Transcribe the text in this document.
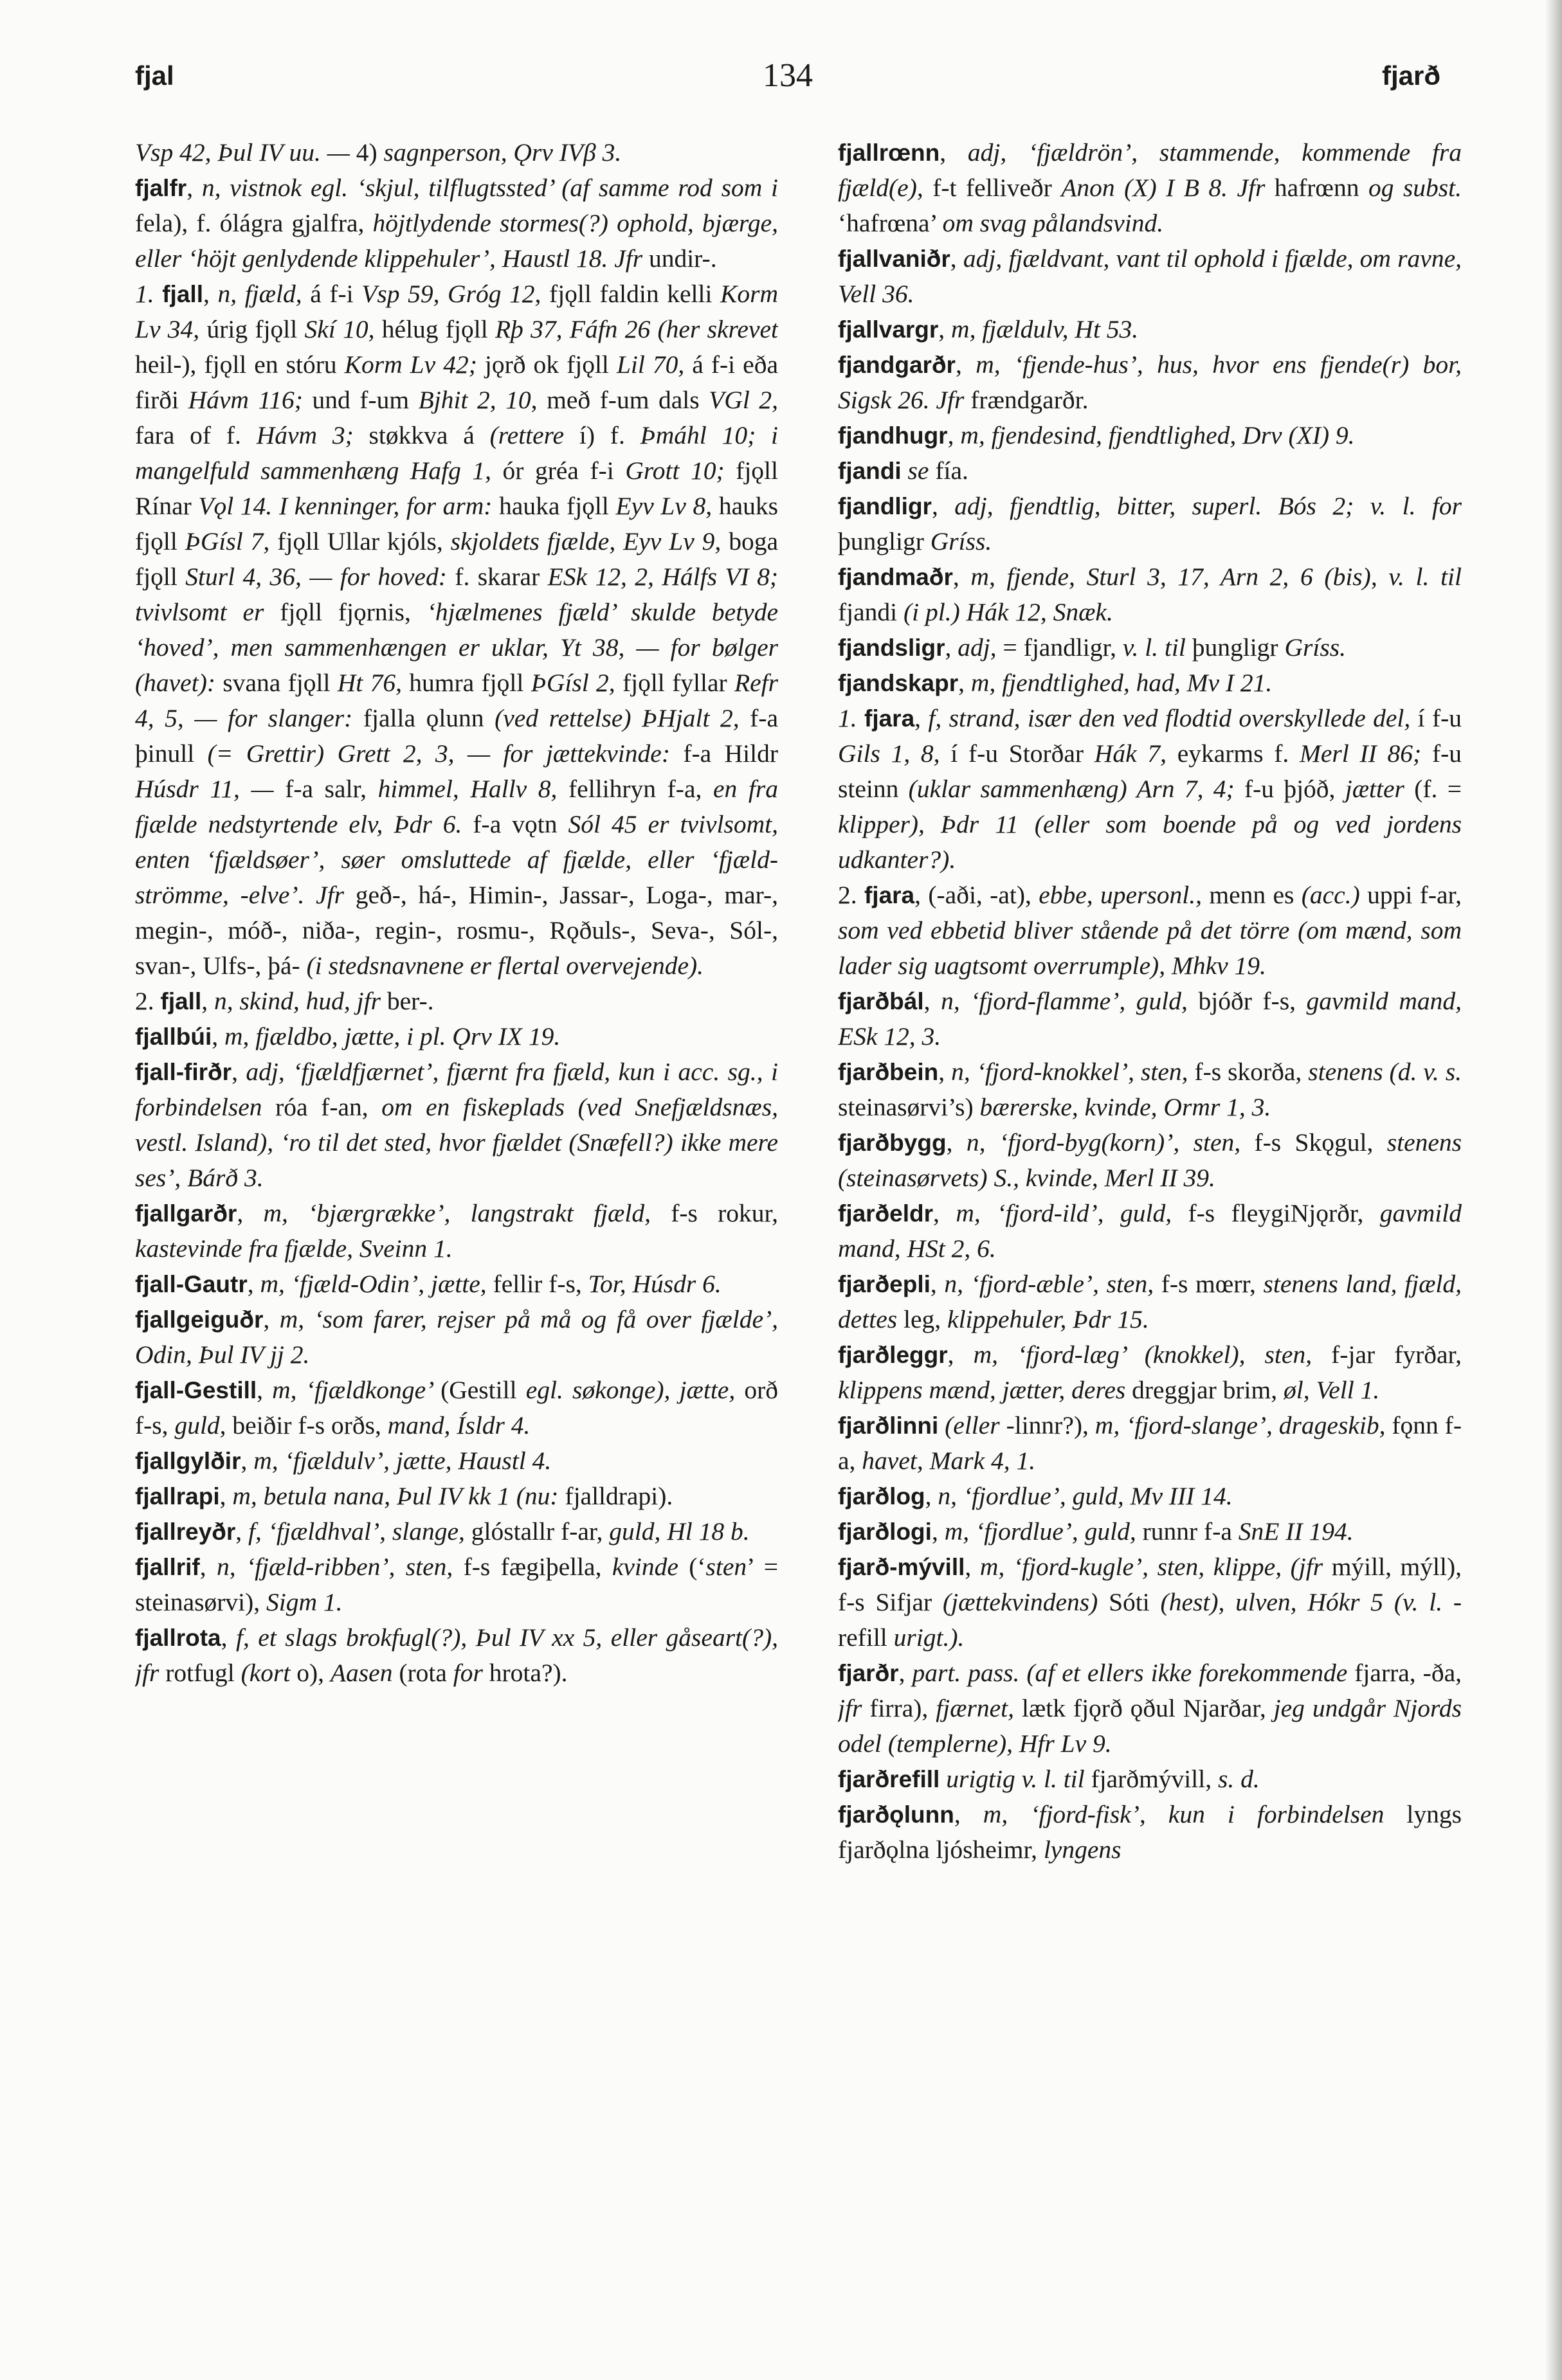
fjal	134	fjarð

Vsp 42, Þul IV uu. — 4) sagnperson, Ǫrv IVβ 3.

fjalfr, n, vistnok egl. ‘skjul, tilflugtssted’ (af samme rod som i fela), f. ólágra gjalfra, höjtlydende stormes(?) ophold, bjærge, eller ‘höjt genlydende klippehuler’, Haustl 18. Jfr undir-.

1. fjall, n, fjæld, á f-i Vsp 59, Gróg 12, fjǫll faldin kelli Korm Lv 34, úrig fjǫll Skí 10, hélug fjǫll Rþ 37, Fáfn 26 (her skrevet heil-), fjǫll en stóru Korm Lv 42; jǫrð ok fjǫll Lil 70, á f-i eða firði Hávm 116; und f-um Bjhit 2, 10, með f-um dals VGl 2, fara of f. Hávm 3; støkkva á (rettere í) f. Þmáhl 10; i mangelfuld sammenhæng Hafg 1, ór gréa f-i Grott 10; fjǫll Rínar Vǫl 14. I kenninger, for arm: hauka fjǫll Eyv Lv 8, hauks fjǫll ÞGísl 7, fjǫll Ullar kjóls, skjoldets fjælde, Eyv Lv 9, boga fjǫll Sturl 4, 36, — for hoved: f. skarar ESk 12, 2, Hálfs VI 8; tvivlsomt er fjǫll fjǫrnis, ‘hjælmenes fjæld’ skulde betyde ‘hoved’, men sammenhængen er uklar, Yt 38, — for bølger (havet): svana fjǫll Ht 76, humra fjǫll ÞGísl 2, fjǫll fyllar Refr 4, 5, — for slanger: fjalla ǫlunn (ved rettelse) ÞHjalt 2, f-a þinull (= Grettir) Grett 2, 3, — for jættekvinde: f-a Hildr Húsdr 11, — f-a salr, himmel, Hallv 8, fellihryn f-a, en fra fjælde nedstyrtende elv, Þdr 6. f-a vǫtn Sól 45 er tvivlsomt, enten ‘fjældsøer’, søer omsluttede af fjælde, eller ‘fjæld-strömme, -elve’. Jfr geð-, há-, Himin-, Jassar-, Loga-, mar-, megin-, móð-, niða-, regin-, rosmu-, Rǫðuls-, Seva-, Sól-, svan-, Ulfs-, þá- (i stedsnavnene er flertal overvejende).

2. fjall, n, skind, hud, jfr ber-.

fjallbúi, m, fjældbo, jætte, i pl. Ǫrv IX 19.

fjall-firðr, adj, ‘fjældfjærnet’, fjærnt fra fjæld, kun i acc. sg., i forbindelsen róa f-an, om en fiskeplads (ved Snefjældsnæs, vestl. Island), ‘ro til det sted, hvor fjældet (Snæfell?) ikke mere ses’, Bárð 3.

fjallgarðr, m, ‘bjærgrække’, langstrakt fjæld, f-s rokur, kastevinde fra fjælde, Sveinn 1.

fjall-Gautr, m, ‘fjæld-Odin’, jætte, fellir f-s, Tor, Húsdr 6.

fjallgeiguðr, m, ‘som farer, rejser på må og få over fjælde’, Odin, Þul IV jj 2.

fjall-Gestill, m, ‘fjældkonge’ (Gestill egl. søkonge), jætte, orð f-s, guld, beiðir f-s orðs, mand, Ísldr 4.

fjallgylðir, m, ‘fjældulv’, jætte, Haustl 4.

fjallrapi, m, betula nana, Þul IV kk 1 (nu: fjalldrapi).

fjallreyðr, f, ‘fjældhval’, slange, glóstallr f-ar, guld, Hl 18 b.

fjallrif, n, ‘fjæld-ribben’, sten, f-s fægiþella, kvinde (‘sten’ = steinasørvi), Sigm 1.

fjallrota, f, et slags brokfugl(?), Þul IV xx 5, eller gåseart(?), jfr rotfugl (kort o), Aasen (rota for hrota?).

fjallrœnn, adj, ‘fjældrön’, stammende, kommende fra fjæld(e), f-t felliveðr Anon (X) I B 8. Jfr hafrœnn og subst. ‘hafrœna’ om svag pålandsvind.

fjallvaniðr, adj, fjældvant, vant til ophold i fjælde, om ravne, Vell 36.

fjallvargr, m, fjældulv, Ht 53.

fjandgarðr, m, ‘fjende-hus’, hus, hvor ens fjende(r) bor, Sigsk 26. Jfr frændgarðr.

fjandhugr, m, fjendesind, fjendtlighed, Drv (XI) 9.

fjandi se fía.

fjandligr, adj, fjendtlig, bitter, superl. Bós 2; v. l. for þungligr Gríss.

fjandmaðr, m, fjende, Sturl 3, 17, Arn 2, 6 (bis), v. l. til fjandi (i pl.) Hák 12, Snæk.

fjandsligr, adj, = fjandligr, v. l. til þungligr Gríss.

fjandskapr, m, fjendtlighed, had, Mv I 21.

1. fjara, f, strand, især den ved flodtid overskyllede del, í f-u Gils 1, 8, í f-u Storðar Hák 7, eykarms f. Merl II 86; f-u steinn (uklar sammenhæng) Arn 7, 4; f-u þjóð, jætter (f. = klipper), Þdr 11 (eller som boende på og ved jordens udkanter?).

2. fjara, (-aði, -at), ebbe, upersonl., menn es (acc.) uppi f-ar, som ved ebbetid bliver stående på det törre (om mænd, som lader sig uagtsomt overrumple), Mhkv 19.

fjarðbál, n, ‘fjord-flamme’, guld, bjóðr f-s, gavmild mand, ESk 12, 3.

fjarðbein, n, ‘fjord-knokkel’, sten, f-s skorða, stenens (d. v. s. steinasørvi’s) bærerske, kvinde, Ormr 1, 3.

fjarðbygg, n, ‘fjord-byg(korn)’, sten, f-s Skǫgul, stenens (steinasørvets) S., kvinde, Merl II 39.

fjarðeldr, m, ‘fjord-ild’, guld, f-s fleygiNjǫrðr, gavmild mand, HSt 2, 6.

fjarðepli, n, ‘fjord-æble’, sten, f-s mœrr, stenens land, fjæld, dettes leg, klippehuler, Þdr 15.

fjarðleggr, m, ‘fjord-læg’ (knokkel), sten, f-jar fyrðar, klippens mænd, jætter, deres dreggjar brim, øl, Vell 1.

fjarðlinni (eller -linnr?), m, ‘fjord-slange’, drageskib, fǫnn f-a, havet, Mark 4, 1.

fjarðlog, n, ‘fjordlue’, guld, Mv III 14.

fjarðlogi, m, ‘fjordlue’, guld, runnr f-a SnE II 194.

fjarð-mývill, m, ‘fjord-kugle’, sten, klippe, (jfr mýill, mýll), f-s Sifjar (jættekvindens) Sóti (hest), ulven, Hókr 5 (v. l. -refill urigt.).

fjarðr, part. pass. (af et ellers ikke forekommende fjarra, -ða, jfr firra), fjærnet, lætk fjǫrð ǫðul Njarðar, jeg undgår Njords odel (templerne), Hfr Lv 9.

fjarðrefill urigtig v. l. til fjarðmývill, s. d.

fjarðǫlunn, m, ‘fjord-fisk’, kun i forbindelsen lyngs fjarðǫlna ljósheimr, lyngens
